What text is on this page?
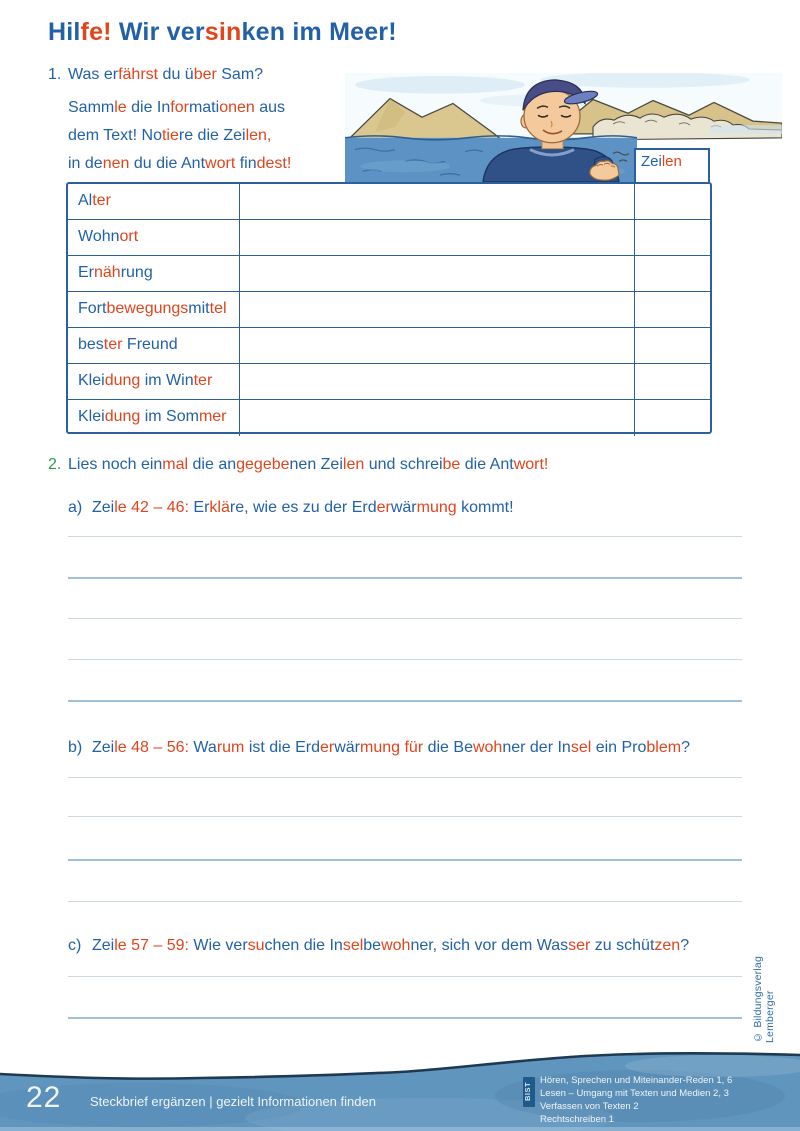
Hilfe! Wir versinken im Meer!
1. Was erfährst du über Sam?
Sammle die Informationen aus
dem Text! Notiere die Zeilen,
in denen du die Antwort findest!	Zeilen
Alter
Wohnort
Ernährung
Fortbewegungsmittel
bester Freund
Kleidung im Winter
Kleidung im Sommer
2. Lies noch einmal die angegebenen Zeilen und schreibe die Antwort!
a) Zeile 42 – 46: Erkläre, wie es zu der Erderwärmung kommt!
b) Zeile 48 – 56: Warum ist die Erderwärmung für die Bewohner der Insel ein Problem?
c) Zeile 57 – 59: Wie versuchen die Inselbewohner, sich vor dem Wasser zu schützen?
© Bildungsverlag Lemberger
22 Steckbrief ergänzen | gezielt Informationen finden
BIST
Hören, Sprechen und Miteinander-Reden 1, 6
Lesen – Umgang mit Texten und Medien 2, 3
Verfassen von Texten 2
Rechtschreiben 1
